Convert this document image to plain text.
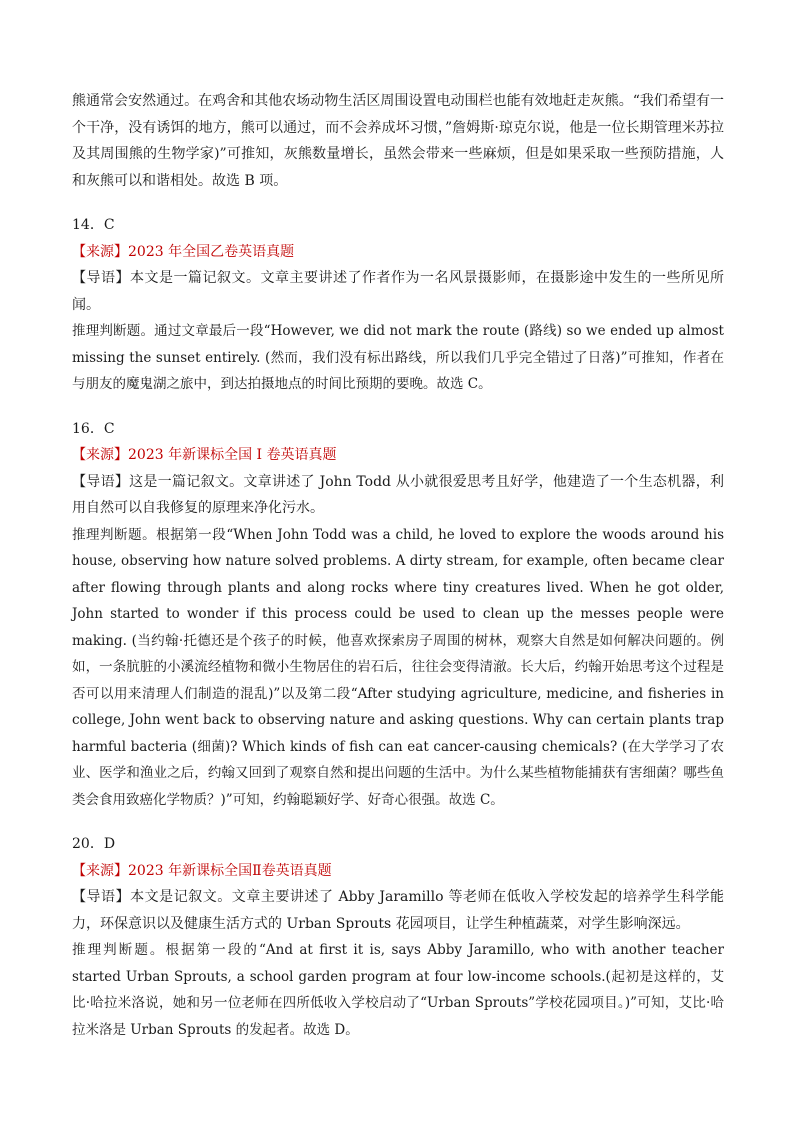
熊通常会安然通过。在鸡舍和其他农场动物生活区周围设置电动围栏也能有效地赶走灰熊。“我们希望有一个干净，没有诱饵的地方，熊可以通过，而不会养成坏习惯，”詹姆斯·琼克尔说，他是一位长期管理米苏拉及其周围熊的生物学家)”可推知，灰熊数量增长，虽然会带来一些麻烦，但是如果采取一些预防措施，人和灰熊可以和谐相处。故选 B 项。

14．C

【来源】2023 年全国乙卷英语真题

【导语】本文是一篇记叙文。文章主要讲述了作者作为一名风景摄影师，在摄影途中发生的一些所见所闻。

推理判断题。通过文章最后一段“However, we did not mark the route (路线) so we ended up almost missing the sunset entirely. (然而，我们没有标出路线，所以我们几乎完全错过了日落)”可推知，作者在与朋友的魔鬼湖之旅中，到达拍摄地点的时间比预期的要晚。故选 C。

16．C

【来源】2023 年新课标全国 I 卷英语真题

【导语】这是一篇记叙文。文章讲述了 John Todd 从小就很爱思考且好学，他建造了一个生态机器，利用自然可以自我修复的原理来净化污水。

推理判断题。根据第一段“When John Todd was a child, he loved to explore the woods around his house, observing how nature solved problems. A dirty stream, for example, often became clear after flowing through plants and along rocks where tiny creatures lived. When he got older, John started to wonder if this process could be used to clean up the messes people were making. (当约翰·托德还是个孩子的时候，他喜欢探索房子周围的树林，观察大自然是如何解决问题的。例如，一条肮脏的小溪流经植物和微小生物居住的岩石后，往往会变得清澈。长大后，约翰开始思考这个过程是否可以用来清理人们制造的混乱)”以及第二段“After studying agriculture, medicine, and fisheries in college, John went back to observing nature and asking questions. Why can certain plants trap harmful bacteria (细菌)? Which kinds of fish can eat cancer-causing chemicals? (在大学学习了农业、医学和渔业之后，约翰又回到了观察自然和提出问题的生活中。为什么某些植物能捕获有害细菌？哪些鱼类会食用致癌化学物质？)”可知，约翰聪颖好学、好奇心很强。故选 C。

20．D

【来源】2023 年新课标全国Ⅱ卷英语真题

【导语】本文是记叙文。文章主要讲述了 Abby Jaramillo 等老师在低收入学校发起的培养学生科学能力，环保意识以及健康生活方式的 Urban Sprouts 花园项目，让学生种植蔬菜，对学生影响深远。

推理判断题。根据第一段的“And at first it is, says Abby Jaramillo, who with another teacher started Urban Sprouts, a school garden program at four low-income schools.(起初是这样的，艾比·哈拉米洛说，她和另一位老师在四所低收入学校启动了“Urban Sprouts”学校花园项目。)”可知，艾比·哈拉米洛是 Urban Sprouts 的发起者。故选 D。
